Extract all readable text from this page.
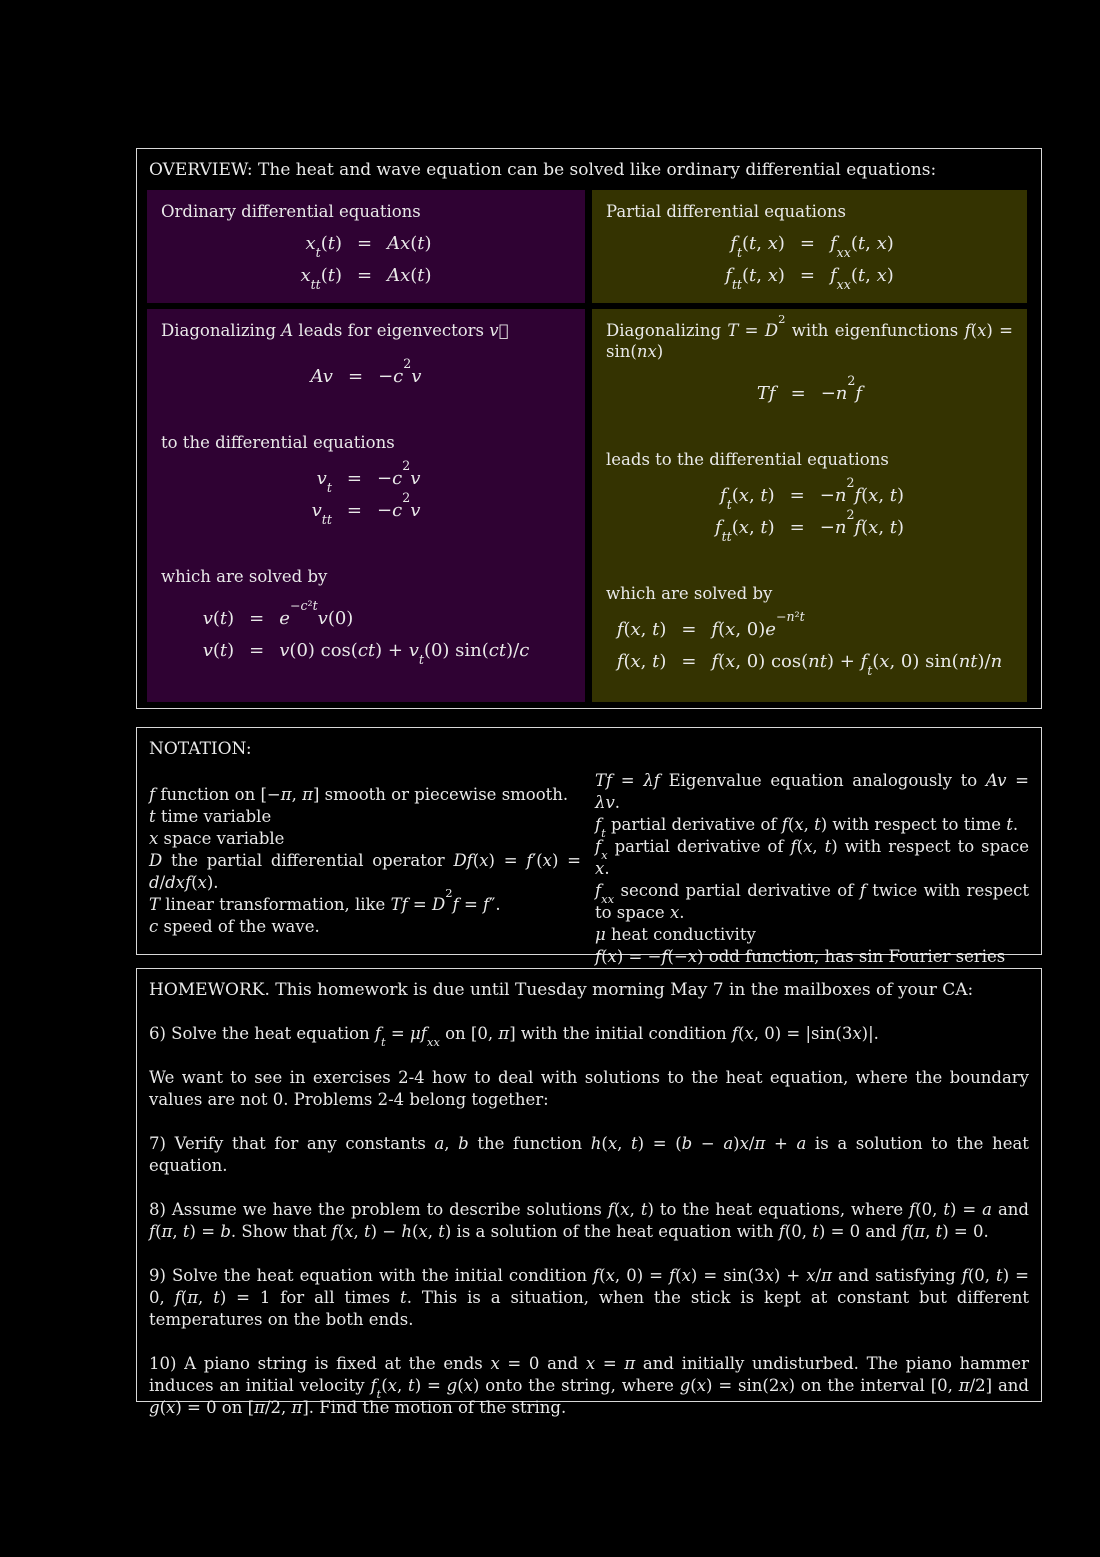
OVERVIEW: The heat and wave equation can be solved like ordinary differential equations:
Ordinary differential equations
$x_t(t) = Ax(t)$
$x_{tt}(t) = Ax(t)$
Partial differential equations
$f_t(t$, $x) = f_{xx}(t$, x)
$f_{tt}(t$, $x) = f_{xx}(t$, x)
Diagonalizing A leads for eigenvectors v⃗
$Av = -c^2v$
to the differential equations
$v_t = -c^2v$
$v_{tt} = -c^2v$
which are solved by
$v(t) = e^{-c^2t}v(0)$
v(t) = v(0) $\cos(ct) + v_t(0)$ sin(ct)/c
Diagonalizing $T = D^2$ with eigenfunctions f(x) = sin(nx)
$Tf = -n^2f$
leads to the differential equations
$f_t(x$, $t) = -n^2f(x$, t)
$f_{tt}(x$, $t) = -n^2f(x$, t)
which are solved by
f(x, t) = f(x, $0)e^{-n^2t}$
f(x, t) = f(x, 0) $\cos(nt) + f_t(x$, 0) sin(nt)/n
NOTATION:
f function on [−π, π] smooth or piecewise smooth.
t time variable
x space variable
D the partial differential operator Df(x) = f′(x) = d/dxf(x).
T linear transformation, like $Tf = D^2f = f''$.
c speed of the wave.
Tf = λf Eigenvalue equation analogously to Av = λv.
$f_t$ partial derivative of f(x, t) with respect to time t.
$f_x$ partial derivative of f(x, t) with respect to space x.
$f_{xx}$ second partial derivative of f twice with respect to space x.
μ heat conductivity
f(x) = −f(−x) odd function, has sin Fourier series
HOMEWORK. This homework is due until Tuesday morning May 7 in the mailboxes of your CA:

6) Solve the heat equation $f_t = \mu f_{xx}$ on [0, π] with the initial condition f(x, 0) = |sin(3x)|.

We want to see in exercises 2-4 how to deal with solutions to the heat equation, where the boundary values are not 0. Problems 2-4 belong together:

7) Verify that for any constants a, b the function h(x, t) = (b − a)x/π + a is a solution to the heat equation.

8) Assume we have the problem to describe solutions f(x, t) to the heat equations, where f(0, t) = a and f(π, t) = b. Show that f(x, t) − h(x, t) is a solution of the heat equation with f(0, t) = 0 and f(π, t) = 0.

9) Solve the heat equation with the initial condition f(x, 0) = f(x) = sin(3x) + x/π and satisfying f(0, t) = 0, f(π, t) = 1 for all times t. This is a situation, when the stick is kept at constant but different temperatures on the both ends.

10) A piano string is fixed at the ends x = 0 and x = π and initially undisturbed. The piano hammer induces an initial velocity $f_t(x$, t) = g(x) onto the string, where g(x) = sin(2x) on the interval [0, π/2] and g(x) = 0 on [π/2, π]. Find the motion of the string.
